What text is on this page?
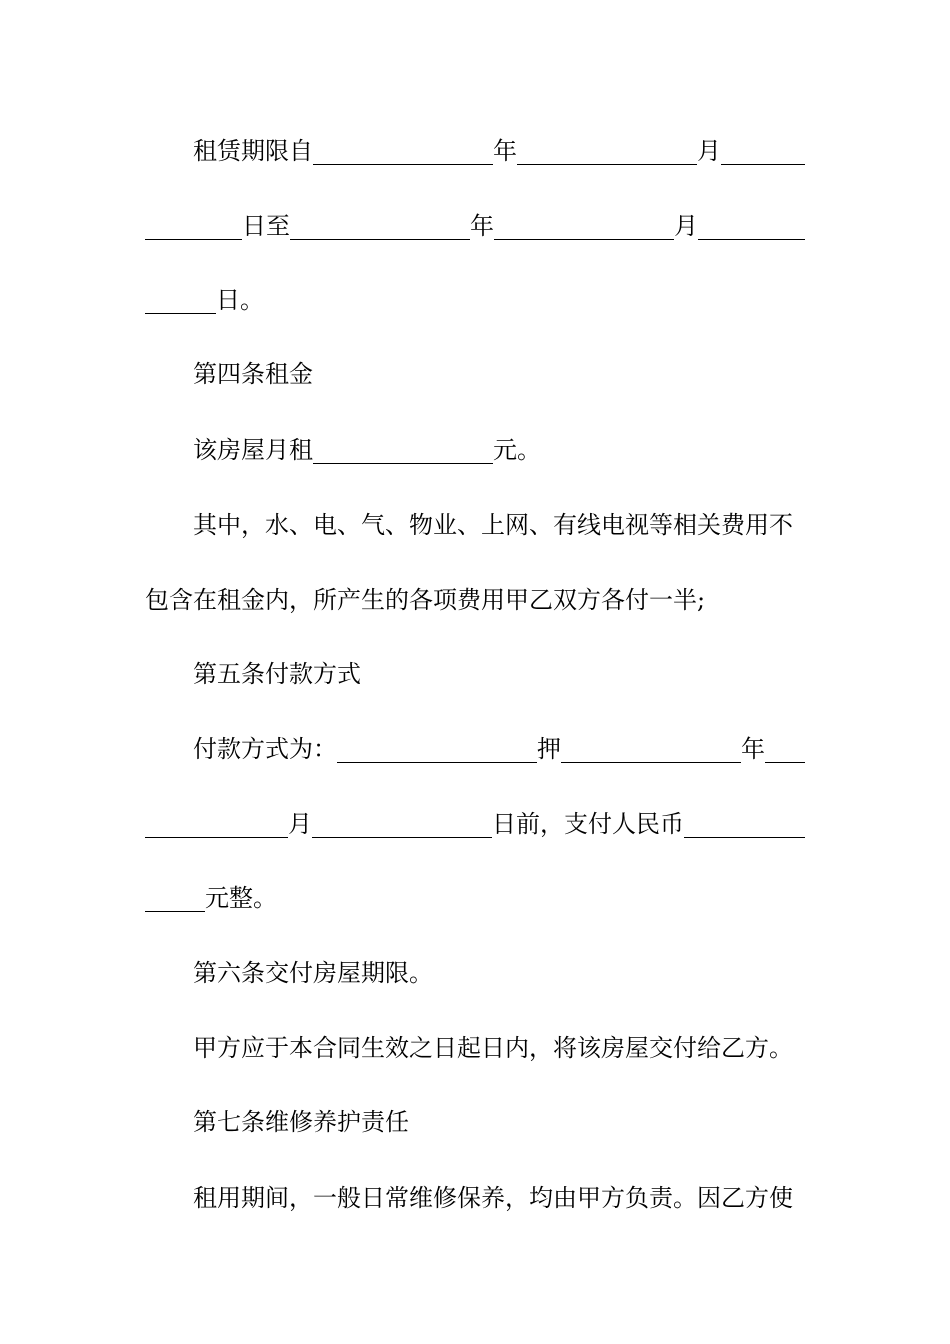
租赁期限自	年	月
日至	年	月
日。
第四条租金
该房屋月租	元。
其中，水、电、气、物业、上网、有线电视等相关费用不
包含在租金内，所产生的各项费用甲乙双方各付一半;
第五条付款方式
付款方式为：	押	年
月	日前，支付人民币
元整。
第六条交付房屋期限。
甲方应于本合同生效之日起日内，将该房屋交付给乙方。
第七条维修养护责任
租用期间，一般日常维修保养，均由甲方负责。因乙方使
